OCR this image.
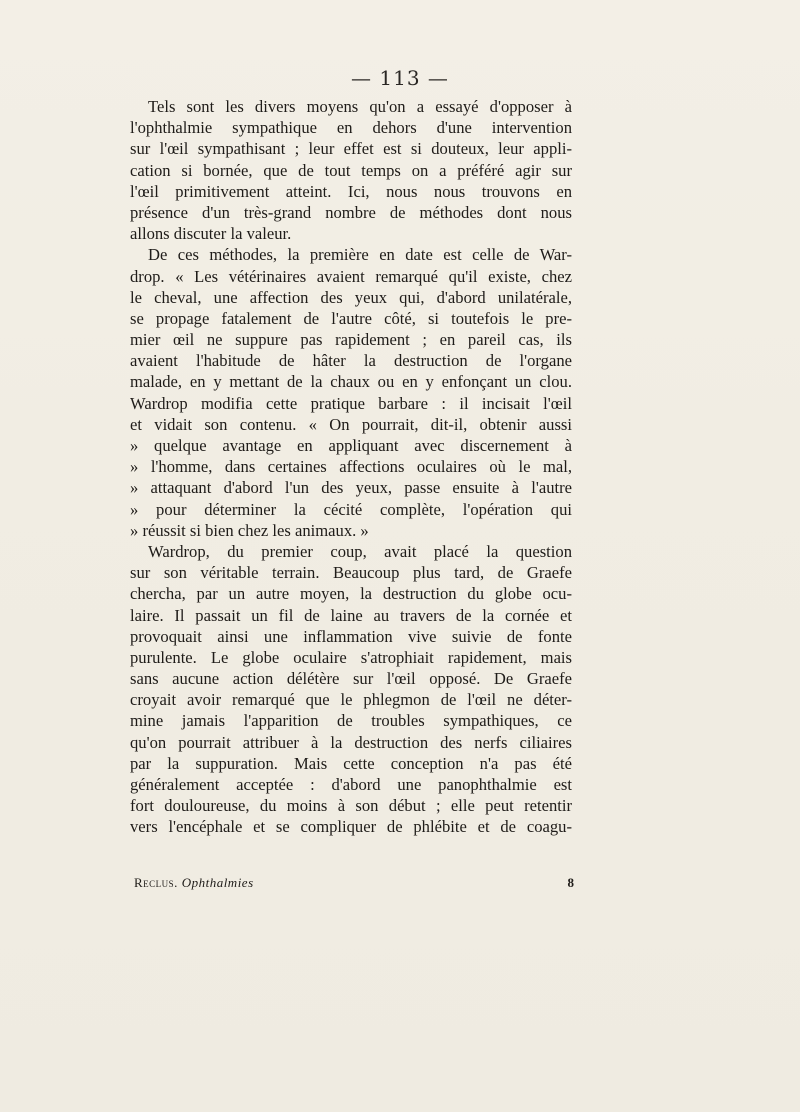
— 113 —
Tels sont les divers moyens qu'on a essayé d'opposer à
l'ophthalmie sympathique en dehors d'une intervention
sur l'œil sympathisant ; leur effet est si douteux, leur appli-
cation si bornée, que de tout temps on a préféré agir sur
l'œil primitivement atteint. Ici, nous nous trouvons en
présence d'un très-grand nombre de méthodes dont nous
allons discuter la valeur.
De ces méthodes, la première en date est celle de War-
drop. « Les vétérinaires avaient remarqué qu'il existe, chez
le cheval, une affection des yeux qui, d'abord unilatérale,
se propage fatalement de l'autre côté, si toutefois le pre-
mier œil ne suppure pas rapidement ; en pareil cas, ils
avaient l'habitude de hâter la destruction de l'organe
malade, en y mettant de la chaux ou en y enfonçant un clou.
Wardrop modifia cette pratique barbare : il incisait l'œil
et vidait son contenu. « On pourrait, dit-il, obtenir aussi
» quelque avantage en appliquant avec discernement à
» l'homme, dans certaines affections oculaires où le mal,
» attaquant d'abord l'un des yeux, passe ensuite à l'autre
» pour déterminer la cécité complète, l'opération qui
» réussit si bien chez les animaux. »
Wardrop, du premier coup, avait placé la question
sur son véritable terrain. Beaucoup plus tard, de Graefe
chercha, par un autre moyen, la destruction du globe ocu-
laire. Il passait un fil de laine au travers de la cornée et
provoquait ainsi une inflammation vive suivie de fonte
purulente. Le globe oculaire s'atrophiait rapidement, mais
sans aucune action délétère sur l'œil opposé. De Graefe
croyait avoir remarqué que le phlegmon de l'œil ne déter-
mine jamais l'apparition de troubles sympathiques, ce
qu'on pourrait attribuer à la destruction des nerfs ciliaires
par la suppuration. Mais cette conception n'a pas été
généralement acceptée : d'abord une panophthalmie est
fort douloureuse, du moins à son début ; elle peut retentir
vers l'encéphale et se compliquer de phlébite et de coagu-
Reclus. Ophthalmies	8
